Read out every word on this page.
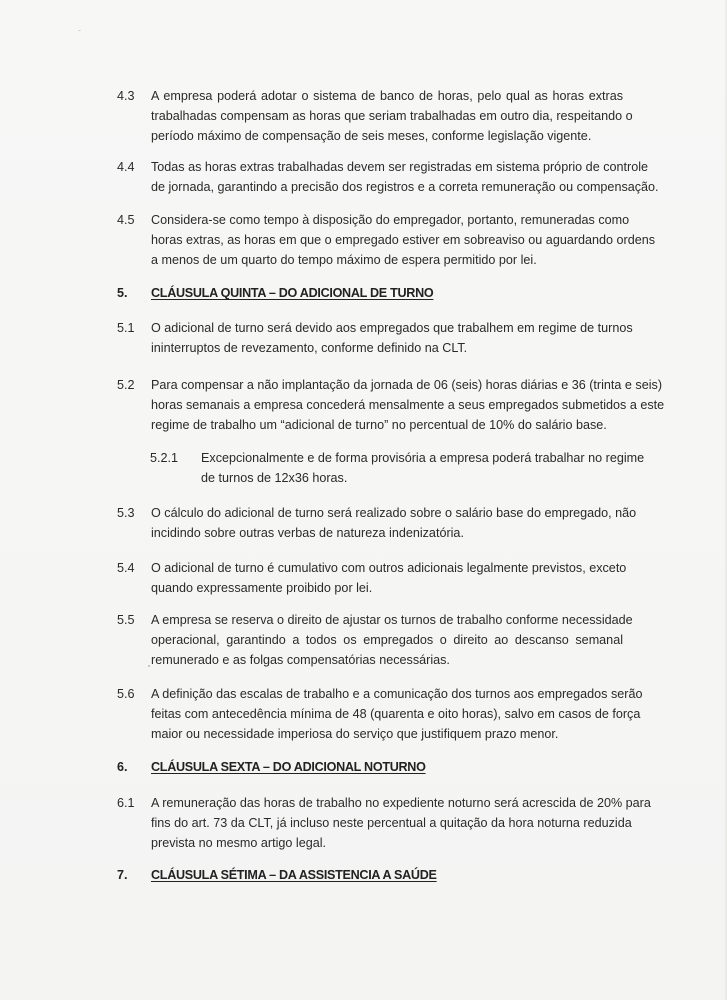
4.3 A empresa poderá adotar o sistema de banco de horas, pelo qual as horas extras
trabalhadas compensam as horas que seriam trabalhadas em outro dia, respeitando o
período máximo de compensação de seis meses, conforme legislação vigente.
4.4 Todas as horas extras trabalhadas devem ser registradas em sistema próprio de controle
de jornada, garantindo a precisão dos registros e a correta remuneração ou compensação.
4.5 Considera-se como tempo à disposição do empregador, portanto, remuneradas como
horas extras, as horas em que o empregado estiver em sobreaviso ou aguardando ordens
a menos de um quarto do tempo máximo de espera permitido por lei.
5. CLÁUSULA QUINTA – DO ADICIONAL DE TURNO
5.1 O adicional de turno será devido aos empregados que trabalhem em regime de turnos
ininterruptos de revezamento, conforme definido na CLT.
5.2 Para compensar a não implantação da jornada de 06 (seis) horas diárias e 36 (trinta e seis)
horas semanais a empresa concederá mensalmente a seus empregados submetidos a este
regime de trabalho um “adicional de turno” no percentual de 10% do salário base.
5.2.1 Excepcionalmente e de forma provisória a empresa poderá trabalhar no regime
de turnos de 12x36 horas.
5.3 O cálculo do adicional de turno será realizado sobre o salário base do empregado, não
incidindo sobre outras verbas de natureza indenizatória.
5.4 O adicional de turno é cumulativo com outros adicionais legalmente previstos, exceto
quando expressamente proibido por lei.
5.5 A empresa se reserva o direito de ajustar os turnos de trabalho conforme necessidade
operacional, garantindo a todos os empregados o direito ao descanso semanal
remunerado e as folgas compensatórias necessárias.
5.6 A definição das escalas de trabalho e a comunicação dos turnos aos empregados serão
feitas com antecedência mínima de 48 (quarenta e oito horas), salvo em casos de força
maior ou necessidade imperiosa do serviço que justifiquem prazo menor.
6. CLÁUSULA SEXTA – DO ADICIONAL NOTURNO
6.1 A remuneração das horas de trabalho no expediente noturno será acrescida de 20% para
fins do art. 73 da CLT, já incluso neste percentual a quitação da hora noturna reduzida
prevista no mesmo artigo legal.
7. CLÁUSULA SÉTIMA – DA ASSISTENCIA A SAÚDE
